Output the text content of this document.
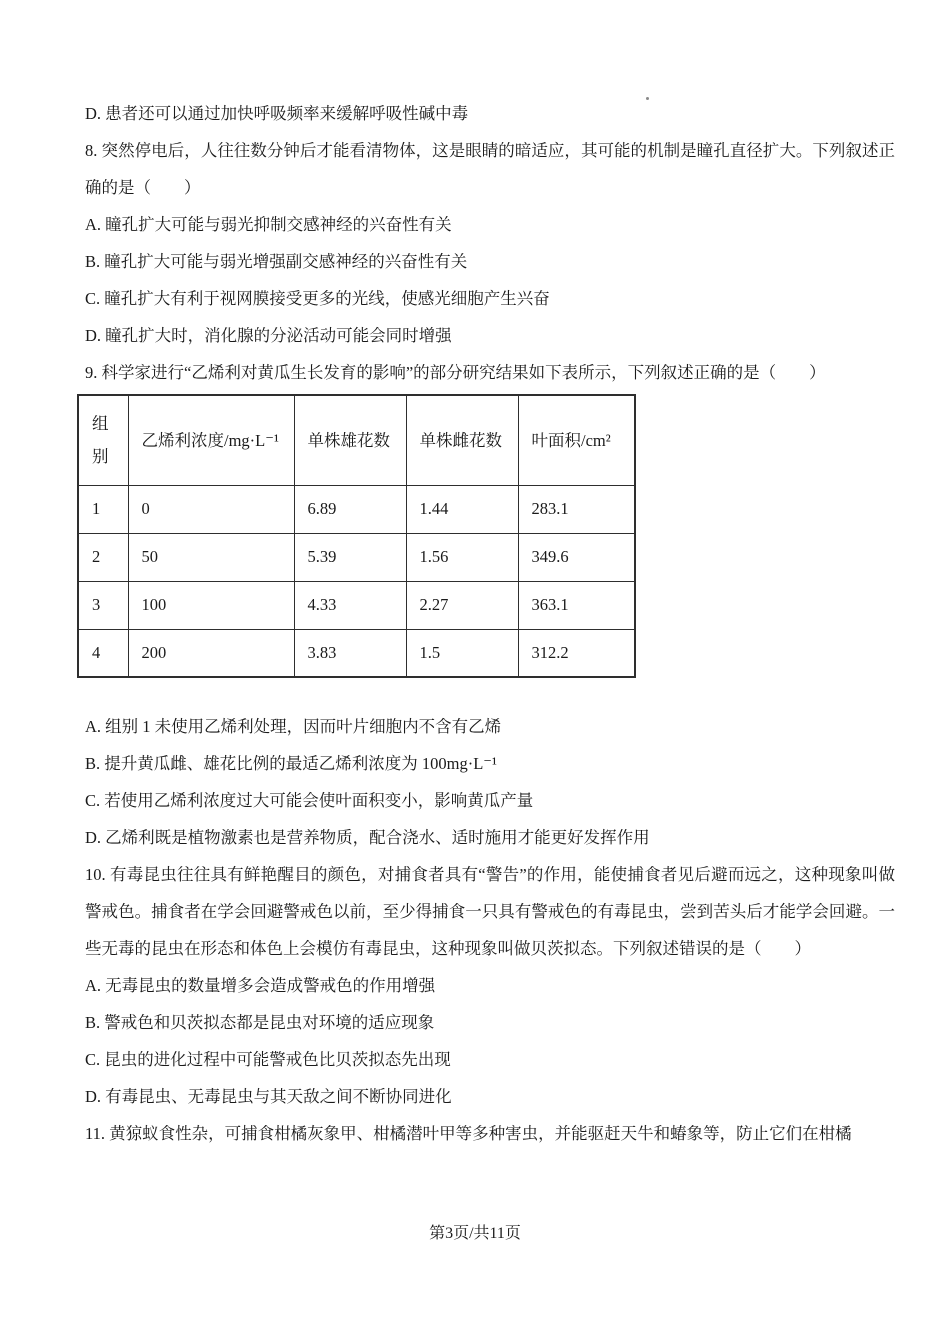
D. 患者还可以通过加快呼吸频率来缓解呼吸性碱中毒

8. 突然停电后，人往往数分钟后才能看清物体，这是眼睛的暗适应，其可能的机制是瞳孔直径扩大。下列叙述正确的是（　　）

A. 瞳孔扩大可能与弱光抑制交感神经的兴奋性有关

B. 瞳孔扩大可能与弱光增强副交感神经的兴奋性有关

C. 瞳孔扩大有利于视网膜接受更多的光线，使感光细胞产生兴奋

D. 瞳孔扩大时，消化腺的分泌活动可能会同时增强

9. 科学家进行“乙烯利对黄瓜生长发育的影响”的部分研究结果如下表所示，下列叙述正确的是（　　）

组别	乙烯利浓度/mg·L⁻¹	单株雄花数	单株雌花数	叶面积/cm²
1	0	6.89	1.44	283.1
2	50	5.39	1.56	349.6
3	100	4.33	2.27	363.1
4	200	3.83	1.5	312.2

A. 组别 1 未使用乙烯利处理，因而叶片细胞内不含有乙烯

B. 提升黄瓜雌、雄花比例的最适乙烯利浓度为 100mg·L⁻¹

C. 若使用乙烯利浓度过大可能会使叶面积变小，影响黄瓜产量

D. 乙烯利既是植物激素也是营养物质，配合浇水、适时施用才能更好发挥作用

10. 有毒昆虫往往具有鲜艳醒目的颜色，对捕食者具有“警告”的作用，能使捕食者见后避而远之，这种现象叫做警戒色。捕食者在学会回避警戒色以前，至少得捕食一只具有警戒色的有毒昆虫，尝到苦头后才能学会回避。一些无毒的昆虫在形态和体色上会模仿有毒昆虫，这种现象叫做贝茨拟态。下列叙述错误的是（　　）

A. 无毒昆虫的数量增多会造成警戒色的作用增强

B. 警戒色和贝茨拟态都是昆虫对环境的适应现象

C. 昆虫的进化过程中可能警戒色比贝茨拟态先出现

D. 有毒昆虫、无毒昆虫与其天敌之间不断协同进化

11. 黄猄蚁食性杂，可捕食柑橘灰象甲、柑橘潜叶甲等多种害虫，并能驱赶天牛和蝽象等，防止它们在柑橘

第3页/共11页
